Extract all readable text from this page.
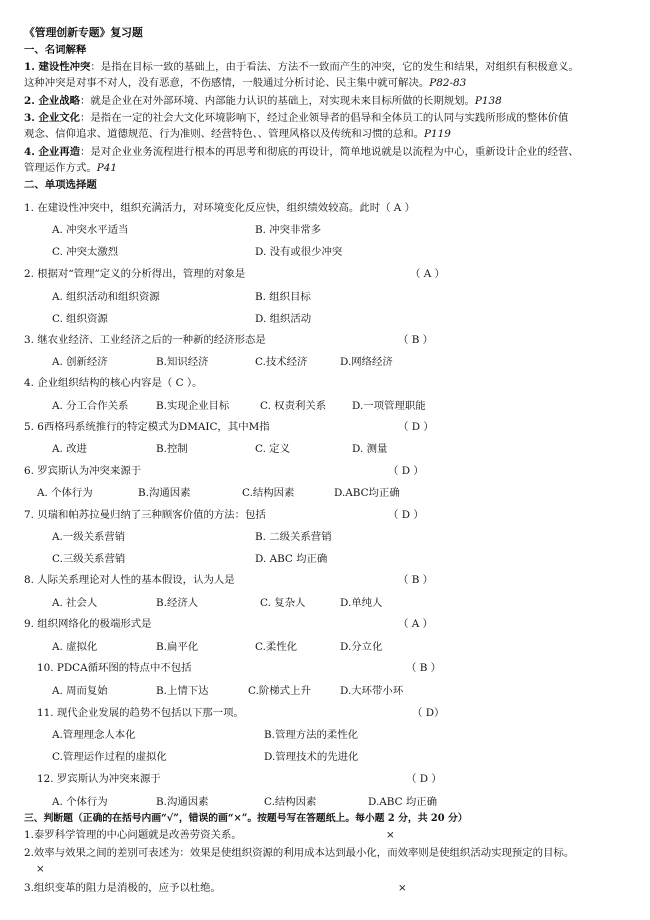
《管理创新专题》复习题
一、名词解释
1. 建设性冲突：是指在目标一致的基础上，由于看法、方法不一致而产生的冲突，它的发生和结果，对组织有积极意义。
这种冲突是对事不对人，没有恶意，不伤感情，一般通过分析讨论、民主集中就可解决。P82-83
2. 企业战略：就是企业在对外部环境、内部能力认识的基础上，对实现未来目标所做的长期规划。P138
3. 企业文化：是指在一定的社会大文化环境影响下，经过企业领导者的倡导和全体员工的认同与实践所形成的整体价值
观念、信仰追求、道德规范、行为准则、经营特色、、管理风格以及传统和习惯的总和。P119
4. 企业再造：是对企业业务流程进行根本的再思考和彻底的再设计，简单地说就是以流程为中心，重新设计企业的经营、
管理运作方式。P41
二、单项选择题
1. 在建设性冲突中，组织充满活力，对环境变化反应快，组织绩效较高。此时（ A ）
A. 冲突水平适当	B. 冲突非常多
C. 冲突太激烈	D. 没有或很少冲突
2. 根据对“管理”定义的分析得出，管理的对象是	（ A ）
A. 组织活动和组织资源	B. 组织目标
C. 组织资源	D. 组织活动
3. 继农业经济、工业经济之后的一种新的经济形态是	（ B ）
A. 创新经济	B.知识经济	C.技术经济	D.网络经济
4. 企业组织结构的核心内容是（ C ）。
A. 分工合作关系	B.实现企业目标	C. 权责利关系 D.一项管理职能
5. 6西格玛系统推行的特定模式为DMAIC，其中M指	（ D ）
A. 改进	B.控制	C. 定义	D. 测量
6. 罗宾斯认为冲突来源于	（ D ）
A. 个体行为	B.沟通因素	C.结构因素	D.ABC均正确
7. 贝瑞和帕苏拉曼归纳了三种顾客价值的方法：包括	（ D ）
A.一级关系营销	B. 二级关系营销
C.三级关系营销	D. ABC 均正确
8. 人际关系理论对人性的基本假设，认为人是	（ B ）
A. 社会人	B.经济人	C. 复杂人	D.单纯人
9. 组织网络化的极端形式是	（ A ）
A. 虚拟化	B.扁平化	C.柔性化	D.分立化
10. PDCA循环图的特点中不包括	（ B ）
A. 周而复始	B.上情下达	C.阶梯式上升	D.大环带小环
11. 现代企业发展的趋势不包括以下那一项。	（ D）
A.管理理念人本化	B.管理方法的柔性化
C.管理运作过程的虚拟化	D.管理技术的先进化
12. 罗宾斯认为冲突来源于	（ D ）
A. 个体行为	B.沟通因素	C.结构因素	D.ABC 均正确
三、判断题（正确的在括号内画“√”，错误的画“×”。按题号写在答题纸上。每小题 2 分，共 20 分）
1.泰罗科学管理的中心问题就是改善劳资关系。	×
2.效率与效果之间的差别可表述为：效果是使组织资源的利用成本达到最小化，而效率则是使组织活动实现预定的目标。
×
3.组织变革的阻力是消极的，应予以杜绝。	×
